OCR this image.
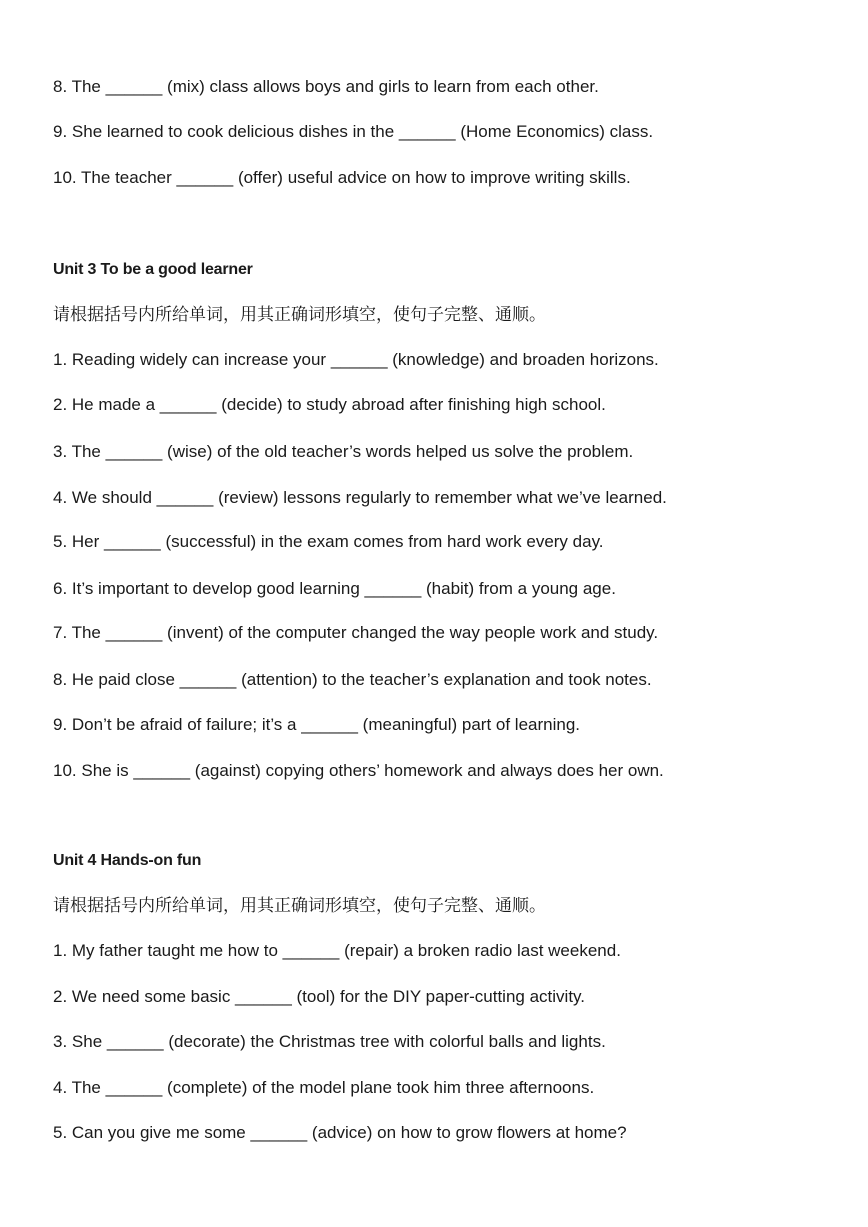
8. The ______ (mix) class allows boys and girls to learn from each other.
9. She learned to cook delicious dishes in the ______ (Home Economics) class.
10. The teacher ______ (offer) useful advice on how to improve writing skills.
Unit 3 To be a good learner
请根据括号内所给单词，用其正确词形填空，使句子完整、通顺。
1. Reading widely can increase your ______ (knowledge) and broaden horizons.
2. He made a ______ (decide) to study abroad after finishing high school.
3. The ______ (wise) of the old teacher’s words helped us solve the problem.
4. We should ______ (review) lessons regularly to remember what we’ve learned.
5. Her ______ (successful) in the exam comes from hard work every day.
6. It’s important to develop good learning ______ (habit) from a young age.
7. The ______ (invent) of the computer changed the way people work and study.
8. He paid close ______ (attention) to the teacher’s explanation and took notes.
9. Don’t be afraid of failure; it’s a ______ (meaningful) part of learning.
10. She is ______ (against) copying others’ homework and always does her own.
Unit 4 Hands-on fun
请根据括号内所给单词，用其正确词形填空，使句子完整、通顺。
1. My father taught me how to ______ (repair) a broken radio last weekend.
2. We need some basic ______ (tool) for the DIY paper-cutting activity.
3. She ______ (decorate) the Christmas tree with colorful balls and lights.
4. The ______ (complete) of the model plane took him three afternoons.
5. Can you give me some ______ (advice) on how to grow flowers at home?
